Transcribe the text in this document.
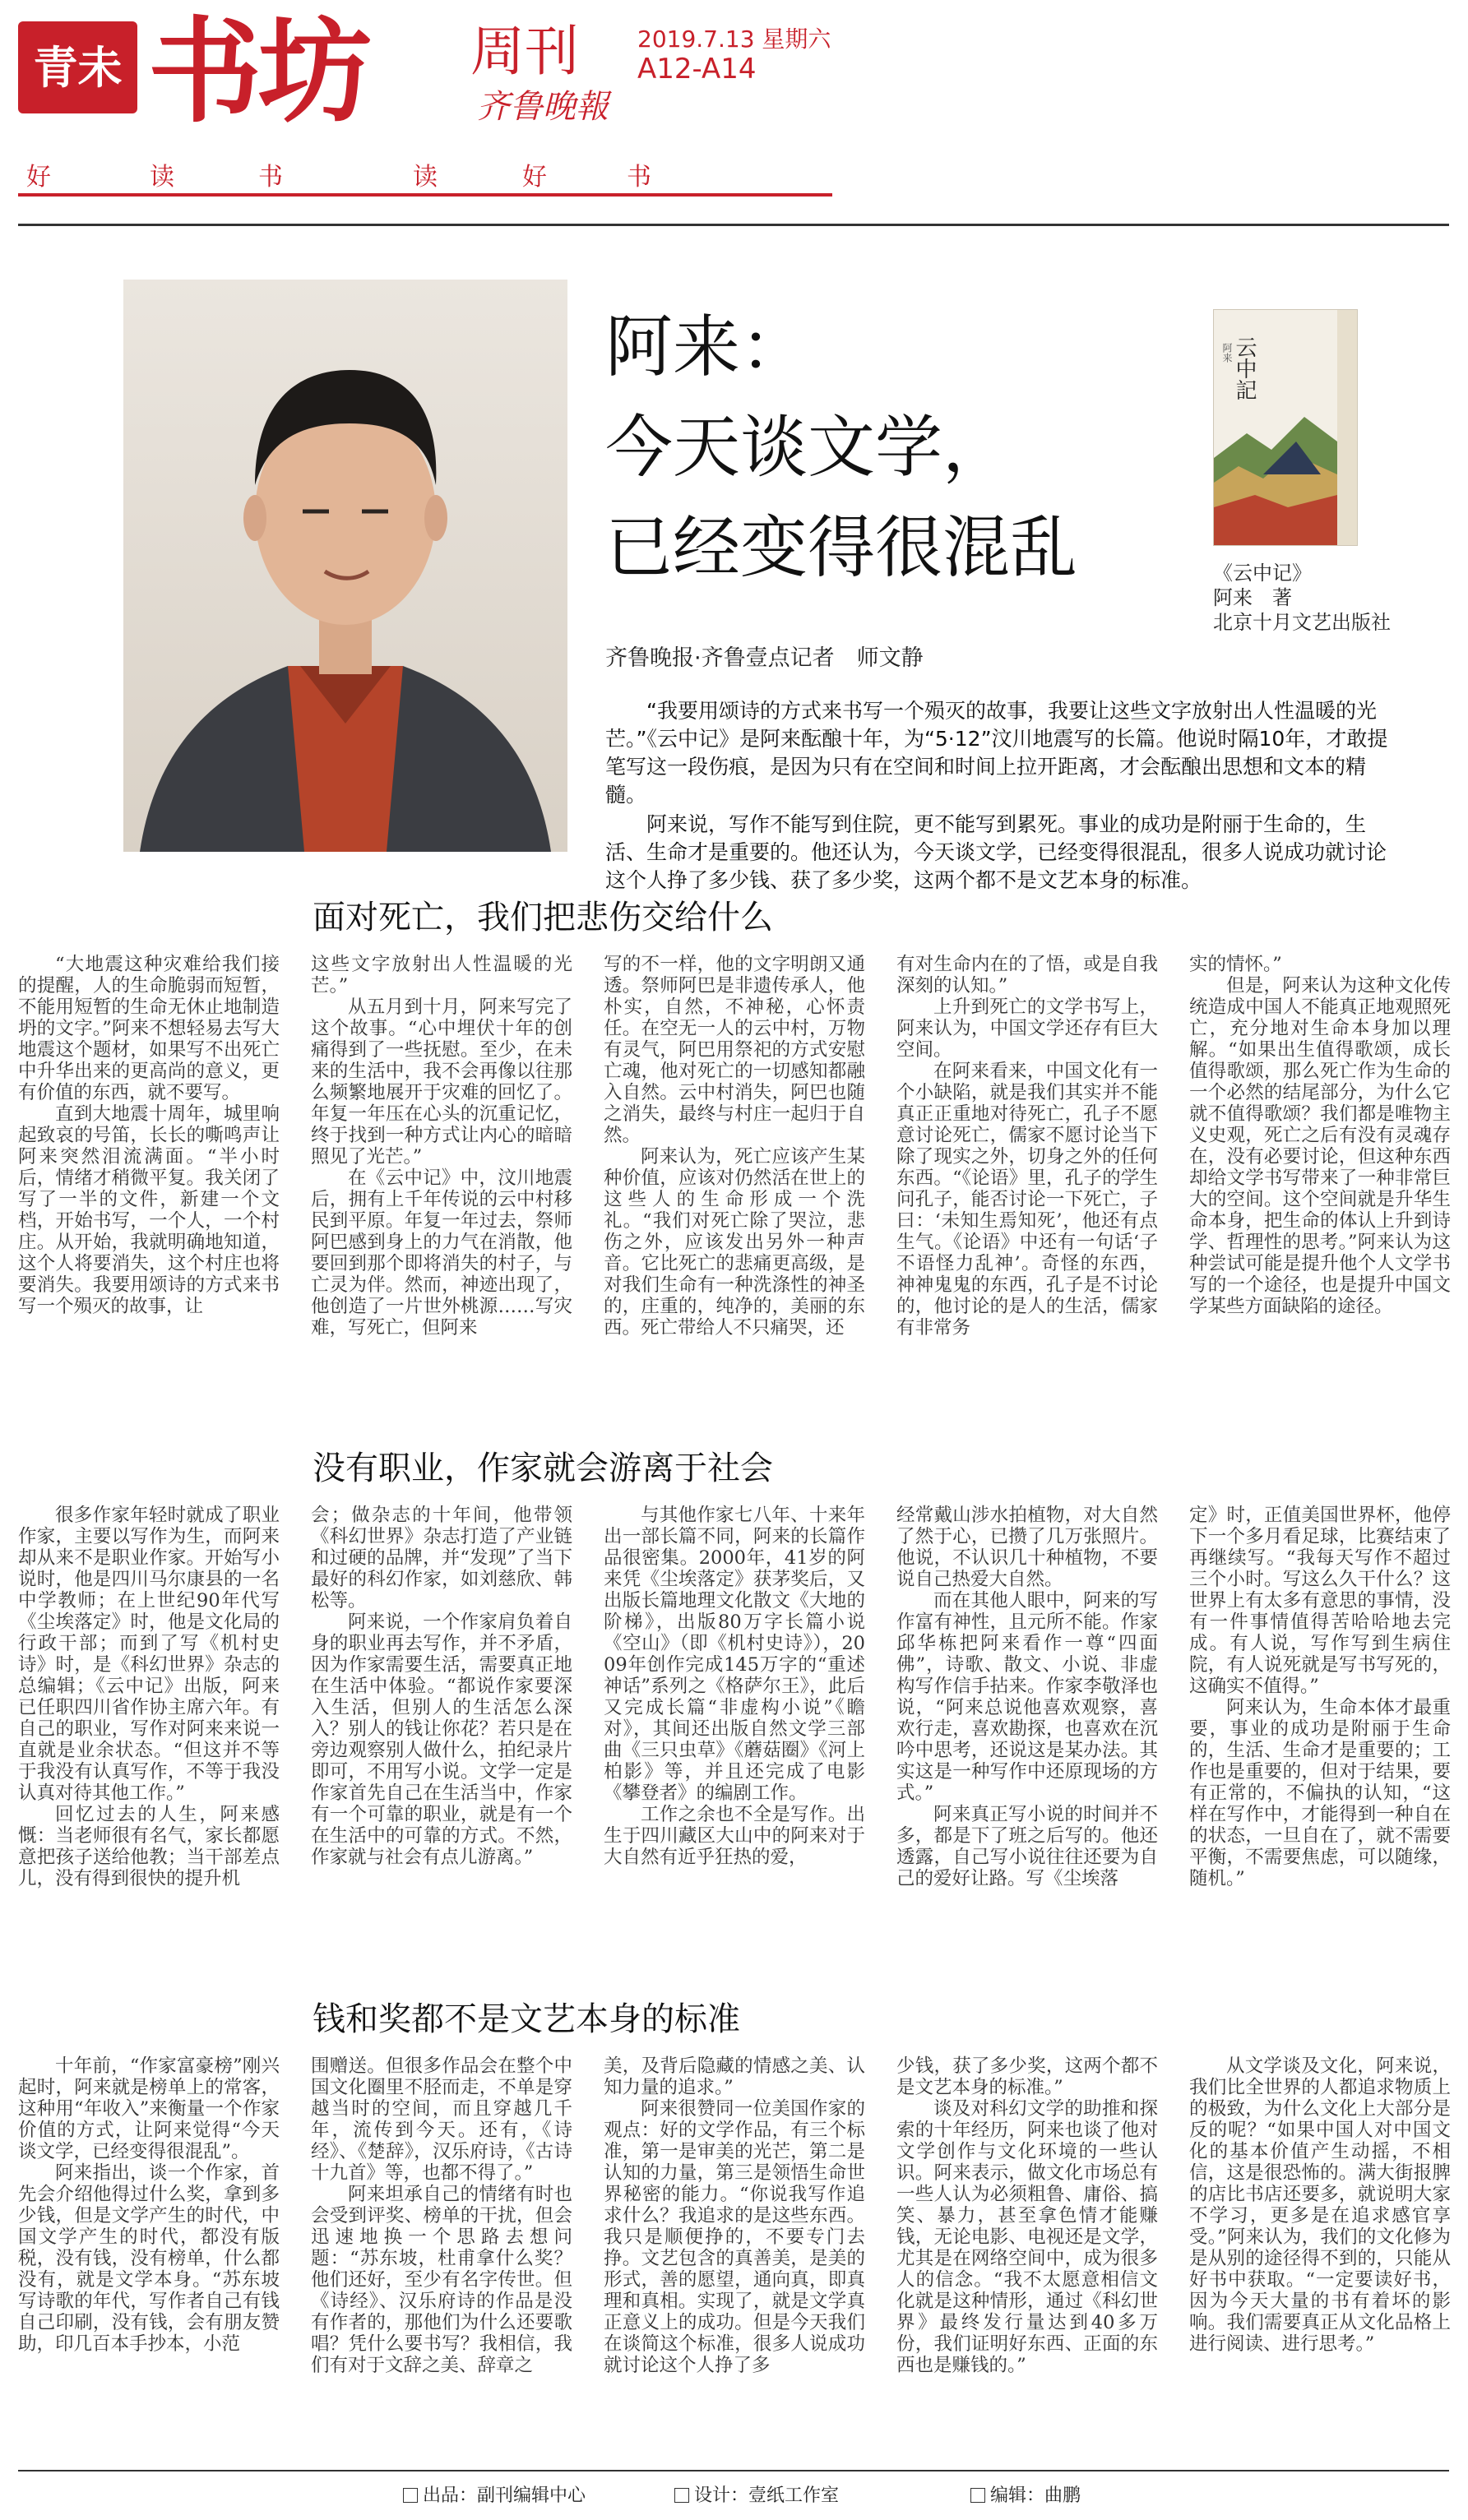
青未了
书坊 周刊
齐鲁晚報
2019.7.13 星期六
A12-A14
好	读	书	读	好	书
阿来：
今天谈文学，
已经变得很混乱
齐鲁晚报·齐鲁壹点记者　师文静
云中記
阿来
《云中记》
阿来　著
北京十月文艺出版社

“我要用颂诗的方式来书写一个殒灭的故事，我要让这些文字放射出人性温暖的光芒。”《云中记》是阿来酝酿十年，为“5·12”汶川地震写的长篇。他说时隔10年，才敢提笔写这一段伤痕，是因为只有在空间和时间上拉开距离，才会酝酿出思想和文本的精髓。

阿来说，写作不能写到住院，更不能写到累死。事业的成功是附丽于生命的，生活、生命才是重要的。他还认为，今天谈文学，已经变得很混乱，很多人说成功就讨论这个人挣了多少钱、获了多少奖，这两个都不是文艺本身的标准。

面对死亡，我们把悲伤交给什么

“大地震这种灾难给我们接的提醒，人的生命脆弱而短暂，不能用短暂的生命无休止地制造坍的文字。”阿来不想轻易去写大地震这个题材，如果写不出死亡中升华出来的更高尚的意义，更有价值的东西，就不要写。

直到大地震十周年，城里响起致哀的号笛，长长的嘶鸣声让阿来突然泪流满面。“半小时后，情绪才稍微平复。我关闭了写了一半的文件，新建一个文档，开始书写，一个人，一个村庄。从开始，我就明确地知道，这个人将要消失，这个村庄也将要消失。我要用颂诗的方式来书写一个殒灭的故事，让

这些文字放射出人性温暖的光芒。”

从五月到十月，阿来写完了这个故事。“心中埋伏十年的创痛得到了一些抚慰。至少，在未来的生活中，我不会再像以往那么频繁地展开于灾难的回忆了。年复一年压在心头的沉重记忆，终于找到一种方式让内心的暗暗照见了光芒。”

在《云中记》中，汶川地震后，拥有上千年传说的云中村移民到平原。年复一年过去，祭师阿巴感到身上的力气在消散，他要回到那个即将消失的村子，与亡灵为伴。然而，神迹出现了，他创造了一片世外桃源……写灾难，写死亡，但阿来

写的不一样，他的文字明朗又通透。祭师阿巴是非遗传承人，他朴实，自然，不神秘，心怀责任。在空无一人的云中村，万物有灵气，阿巴用祭祀的方式安慰亡魂，他对死亡的一切感知都融入自然。云中村消失，阿巴也随之消失，最终与村庄一起归于自然。

阿来认为，死亡应该产生某种价值，应该对仍然活在世上的这些人的生命形成一个洗礼。“我们对死亡除了哭泣，悲伤之外，应该发出另外一种声音。它比死亡的悲痛更高级，是对我们生命有一种洗涤性的神圣的，庄重的，纯净的，美丽的东西。死亡带给人不只痛哭，还

有对生命内在的了悟，或是自我深刻的认知。”

上升到死亡的文学书写上，阿来认为，中国文学还存有巨大空间。

在阿来看来，中国文化有一个小缺陷，就是我们其实并不能真正正重地对待死亡，孔子不愿意讨论死亡，儒家不愿讨论当下除了现实之外，切身之外的任何东西。“《论语》里，孔子的学生问孔子，能否讨论一下死亡，子曰：‘未知生焉知死’，他还有点生气。《论语》中还有一句话‘子不语怪力乱神’。奇怪的东西，神神鬼鬼的东西，孔子是不讨论的，他讨论的是人的生活，儒家有非常务

实的情怀。”

但是，阿来认为这种文化传统造成中国人不能真正地观照死亡，充分地对生命本身加以理解。“如果出生值得歌颂，成长值得歌颂，那么死亡作为生命的一个必然的结尾部分，为什么它就不值得歌颂？我们都是唯物主义史观，死亡之后有没有灵魂存在，没有必要讨论，但这种东西却给文学书写带来了一种非常巨大的空间。这个空间就是升华生命本身，把生命的体认上升到诗学、哲理性的思考。”阿来认为这种尝试可能是提升他个人文学书写的一个途径，也是提升中国文学某些方面缺陷的途径。

没有职业，作家就会游离于社会

很多作家年轻时就成了职业作家，主要以写作为生，而阿来却从来不是职业作家。开始写小说时，他是四川马尔康县的一名中学教师；在上世纪90年代写《尘埃落定》时，他是文化局的行政干部；而到了写《机村史诗》时，是《科幻世界》杂志的总编辑；《云中记》出版，阿来已任职四川省作协主席六年。有自己的职业，写作对阿来来说一直就是业余状态。“但这并不等于我没有认真写作，不等于我没认真对待其他工作。”

回忆过去的人生，阿来感慨：当老师很有名气，家长都愿意把孩子送给他教；当干部差点儿，没有得到很快的提升机

会；做杂志的十年间，他带领《科幻世界》杂志打造了产业链和过硬的品牌，并“发现”了当下最好的科幻作家，如刘慈欣、韩松等。

阿来说，一个作家肩负着自身的职业再去写作，并不矛盾，因为作家需要生活，需要真正地在生活中体验。“都说作家要深入生活，但别人的生活怎么深入？别人的钱让你花？若只是在旁边观察别人做什么，拍纪录片即可，不用写小说。文学一定是作家首先自己在生活当中，作家有一个可靠的职业，就是有一个在生活中的可靠的方式。不然，作家就与社会有点儿游离。”

与其他作家七八年、十来年出一部长篇不同，阿来的长篇作品很密集。2000年，41岁的阿来凭《尘埃落定》获茅奖后，又出版长篇地理文化散文《大地的阶梯》，出版80万字长篇小说《空山》（即《机村史诗》），2009年创作完成145万字的“重述神话”系列之《格萨尔王》，此后又完成长篇“非虚构小说”《瞻对》，其间还出版自然文学三部曲《三只虫草》《蘑菇圈》《河上柏影》等，并且还完成了电影《攀登者》的编剧工作。

工作之余也不全是写作。出生于四川藏区大山中的阿来对于大自然有近乎狂热的爱，

经常戴山涉水拍植物，对大自然了然于心，已攒了几万张照片。他说，不认识几十种植物，不要说自己热爱大自然。

而在其他人眼中，阿来的写作富有神性，且元所不能。作家邱华栋把阿来看作一尊“四面佛”，诗歌、散文、小说、非虚构写作信手拈来。作家李敬泽也说，“阿来总说他喜欢观察，喜欢行走，喜欢勘探，也喜欢在沉吟中思考，还说这是某办法。其实这是一种写作中还原现场的方式。”

阿来真正写小说的时间并不多，都是下了班之后写的。他还透露，自己写小说往往还要为自己的爱好让路。写《尘埃落

定》时，正值美国世界杯，他停下一个多月看足球，比赛结束了再继续写。“我每天写作不超过三个小时。写这么久干什么？这世界上有太多有意思的事情，没有一件事情值得苦哈哈地去完成。有人说，写作写到生病住院，有人说死就是写书写死的，这确实不值得。”

阿来认为，生命本体才最重要，事业的成功是附丽于生命的，生活、生命才是重要的；工作也是重要的，但对于结果，要有正常的，不偏执的认知，“这样在写作中，才能得到一种自在的状态，一旦自在了，就不需要平衡，不需要焦虑，可以随缘，随机。”

钱和奖都不是文艺本身的标准

十年前，“作家富豪榜”刚兴起时，阿来就是榜单上的常客，这种用“年收入”来衡量一个作家价值的方式，让阿来觉得“今天谈文学，已经变得很混乱”。

阿来指出，谈一个作家，首先会介绍他得过什么奖，拿到多少钱，但是文学产生的时代，中国文学产生的时代，都没有版税，没有钱，没有榜单，什么都没有，就是文学本身。“苏东坡写诗歌的年代，写作者自己有钱自己印刷，没有钱，会有朋友赞助，印几百本手抄本，小范

围赠送。但很多作品会在整个中国文化圈里不胫而走，不单是穿越当时的空间，而且穿越几千年，流传到今天。还有，《诗经》、《楚辞》，汉乐府诗，《古诗十九首》等，也都不得了。”

阿来坦承自己的情绪有时也会受到评奖、榜单的干扰，但会迅速地换一个思路去想问题：“苏东坡，杜甫拿什么奖？他们还好，至少有名字传世。但《诗经》、汉乐府诗的作品是没有作者的，那他们为什么还要歌唱？凭什么要书写？我相信，我们有对于文辞之美、辞章之

美，及背后隐藏的情感之美、认知力量的追求。”

阿来很赞同一位美国作家的观点：好的文学作品，有三个标准，第一是审美的光芒，第二是认知的力量，第三是领悟生命世界秘密的能力。“你说我写作追求什么？我追求的是这些东西。我只是顺便挣的，不要专门去挣。文艺包含的真善美，是美的形式，善的愿望，通向真，即真理和真相。实现了，就是文学真正意义上的成功。但是今天我们在谈简这个标准，很多人说成功就讨论这个人挣了多

少钱，获了多少奖，这两个都不是文艺本身的标准。”

谈及对科幻文学的助推和探索的十年经历，阿来也谈了他对文学创作与文化环境的一些认识。阿来表示，做文化市场总有一些人认为必须粗鲁、庸俗、搞笑、暴力，甚至拿色情才能赚钱，无论电影、电视还是文学，尤其是在网络空间中，成为很多人的信念。“我不太愿意相信文化就是这种情形，通过《科幻世界》最终发行量达到40多万份，我们证明好东西、正面的东西也是赚钱的。”

从文学谈及文化，阿来说，我们比全世界的人都追求物质上的极致，为什么文化上大部分是反的呢？“如果中国人对中国文化的基本价值产生动摇，不相信，这是很恐怖的。满大街报脾的店比书店还要多，就说明大家不学习，更多是在追求感官享受。”阿来认为，我们的文化修为是从别的途径得不到的，只能从好书中获取。“一定要读好书，因为今天大量的书有着坏的影响。我们需要真正从文化品格上进行阅读、进行思考。”

出品：副刊编辑中心	设计：壹纸工作室	编辑：曲鹏
